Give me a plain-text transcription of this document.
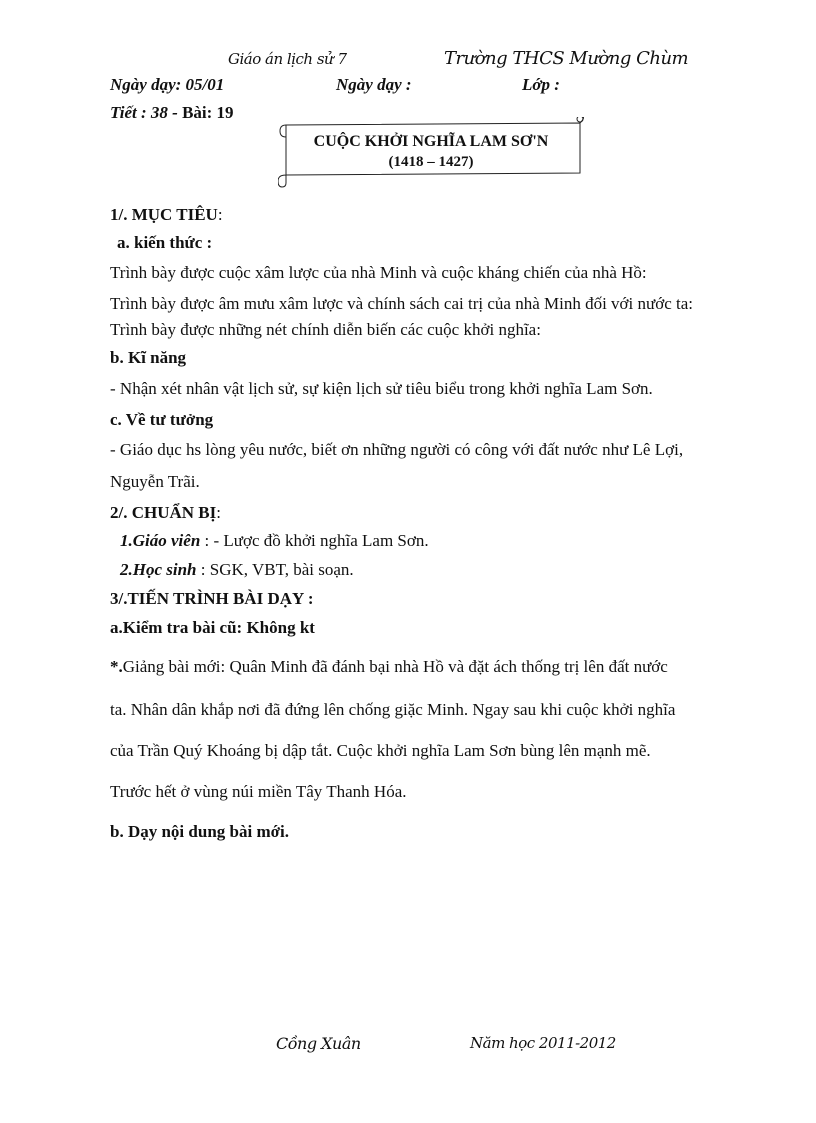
Giáo án lịch sử 7	Trường THCS Mường Chùm
Ngày dạy: 05/01	Ngày dạy :	Lớp :
Tiết : 38 - Bài: 19
CUỘC KHỞI NGHĨA LAM SƠ'N
(1418 – 1427)
1/. MỤC TIÊU:
a. kiến thức :
Trình bày được cuộc xâm lược của nhà Minh và cuộc kháng chiến của nhà Hồ:
Trình bày được âm mưu xâm lược và chính sách cai trị của nhà Minh đối với nước ta:
Trình bày được những nét chính diễn biến các cuộc khởi nghĩa:
b. Kĩ năng
- Nhận xét nhân vật lịch sử, sự kiện lịch sử tiêu biểu trong khởi nghĩa Lam Sơn.
c. Về tư tưởng
- Giáo dục hs lòng yêu nước, biết ơn những người có công với đất nước như Lê Lợi,
Nguyễn Trãi.
2/. CHUẨN BỊ:
1.Giáo viên : - Lược đồ khởi nghĩa Lam Sơn.
2.Học sinh : SGK, VBT, bài soạn.
3/.TIẾN TRÌNH BÀI DẠY :
a.Kiểm tra bài cũ: Không kt
*.Giảng bài mới: Quân Minh đã đánh bại nhà Hồ và đặt ách thống trị lên đất nước
ta. Nhân dân khắp nơi đã đứng lên chống giặc Minh. Ngay sau khi cuộc khởi nghĩa
của Trần Quý Khoáng bị dập tắt. Cuộc khởi nghĩa Lam Sơn bùng lên mạnh mẽ.
Trước hết ở vùng núi miền Tây Thanh Hóa.
b. Dạy nội dung bài mới.
Cồng Xuân	Năm học 2011-2012
